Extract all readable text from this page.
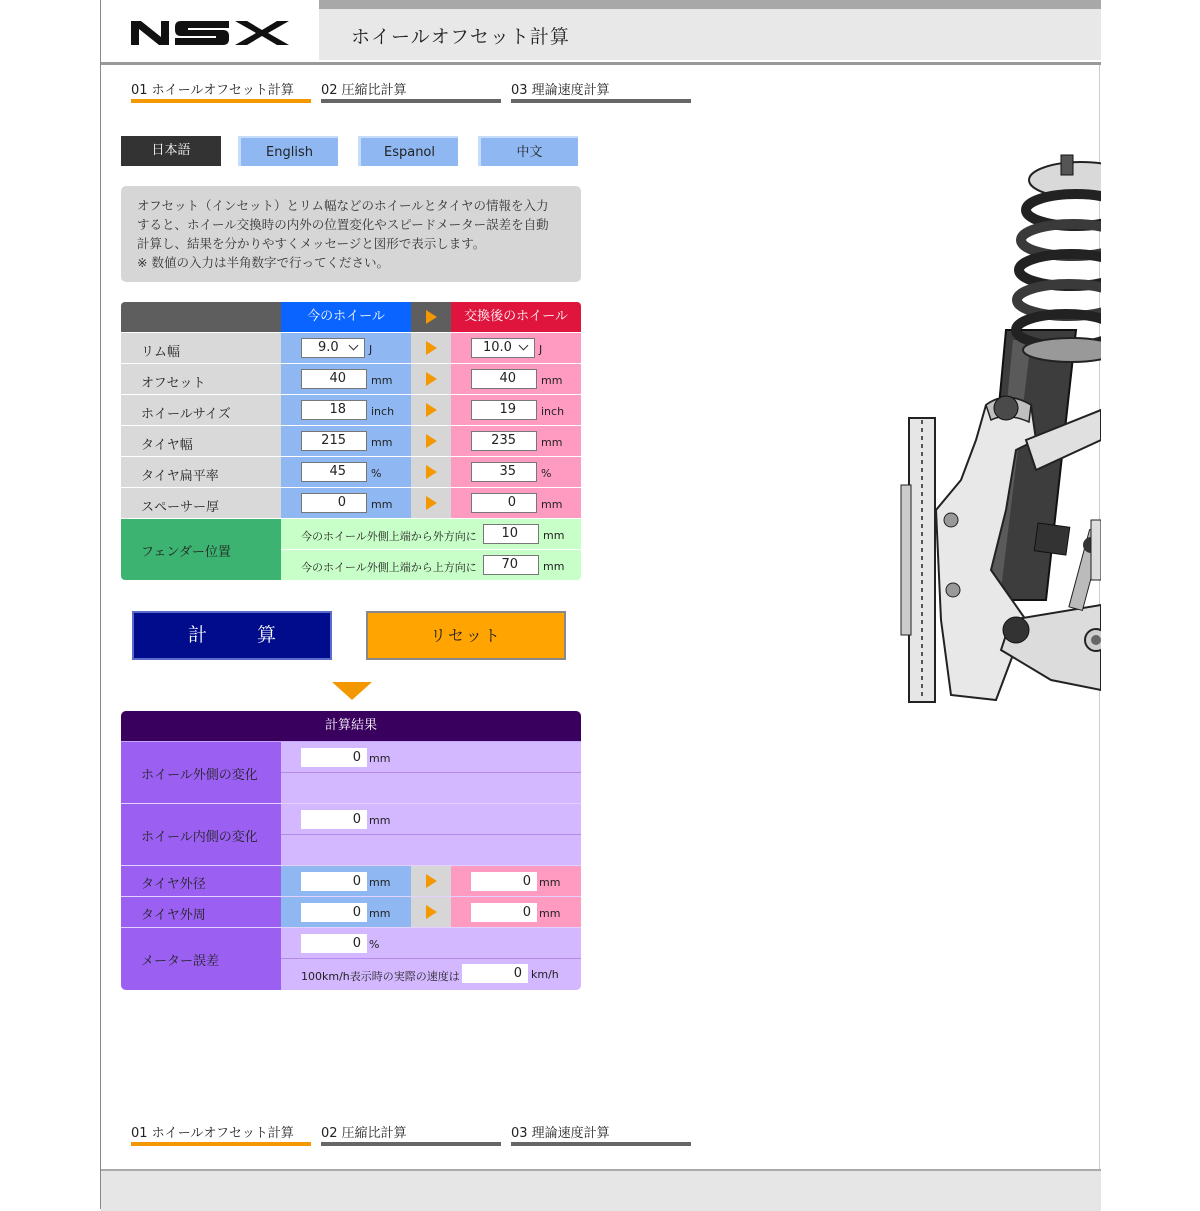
ホイールオフセット計算
01 ホイールオフセット計算	02 圧縮比計算	03 理論速度計算
日本語	English	Espanol	中文
オフセット（インセット）とリム幅などのホイールとタイヤの情報を入力
すると、ホイール交換時の内外の位置変化やスピードメーター誤差を自動
計算し、結果を分かりやすくメッセージと図形で表示します。
※ 数値の入力は半角数字で行ってください。
今のホイール	交換後のホイール
リム幅	9.0	J	10.0	J
オフセット	40	mm	40	mm
ホイールサイズ	18	inch	19	inch
タイヤ幅	215	mm	235	mm
タイヤ扁平率	45	%	35	%
スペーサー厚	0	mm	0	mm
フェンダー位置
今のホイール外側上端から外方向に	10	mm
今のホイール外側上端から上方向に	70	mm
計 算	リセット
計算結果
ホイール外側の変化
0 mm
ホイール内側の変化
0 mm
タイヤ外径	0 mm	0 mm
タイヤ外周	0 mm	0 mm
メーター誤差
0 %
100km/h表示時の実際の速度は	0 km/h
01 ホイールオフセット計算	02 圧縮比計算	03 理論速度計算
